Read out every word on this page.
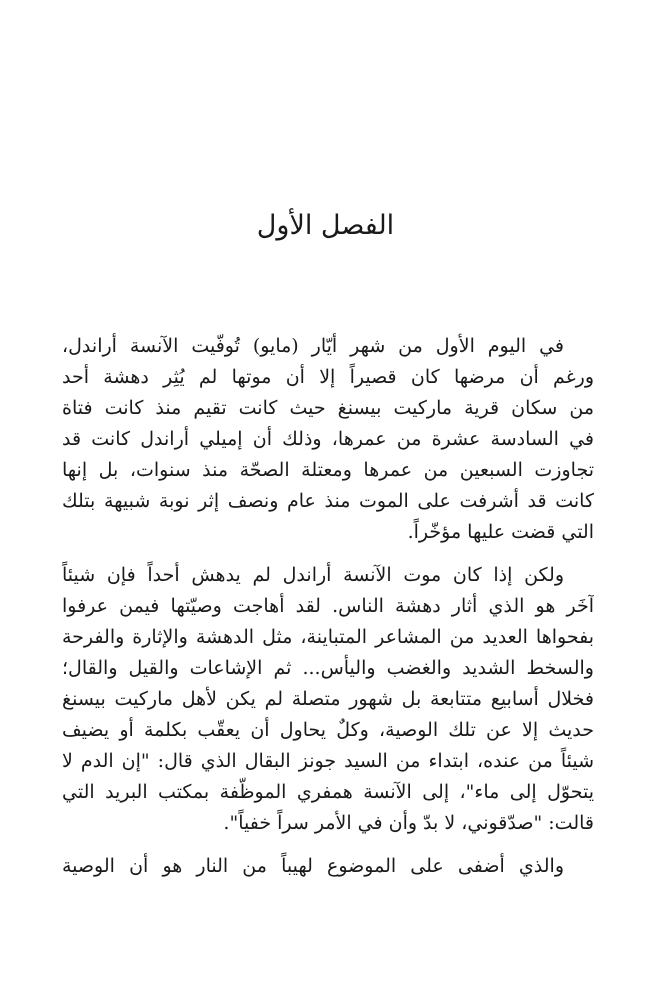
الفصل الأول

في اليوم الأول من شهر أيّار (مايو) تُوفّيت الآنسة أراندل،
ورغم أن مرضها كان قصيراً إلا أن موتها لم يُثِر دهشة أحد
من سكان قرية ماركيت بيسنغ حيث كانت تقيم منذ كانت فتاة
في السادسة عشرة من عمرها، وذلك أن إميلي أراندل كانت قد
تجاوزت السبعين من عمرها ومعتلة الصحّة منذ سنوات، بل إنها
كانت قد أشرفت على الموت منذ عام ونصف إثر نوبة شبيهة بتلك
التي قضت عليها مؤخّراً.

ولكن إذا كان موت الآنسة أراندل لم يدهش أحداً فإن شيئاً
آخَر هو الذي أثار دهشة الناس. لقد أهاجت وصيّتها فيمن عرفوا
بفحواها العديد من المشاعر المتباينة، مثل الدهشة والإثارة والفرحة
والسخط الشديد والغضب واليأس... ثم الإشاعات والقيل والقال؛
فخلال أسابيع متتابعة بل شهور متصلة لم يكن لأهل ماركيت بيسنغ
حديث إلا عن تلك الوصية، وكلٌ يحاول أن يعقّب بكلمة أو يضيف
شيئاً من عنده، ابتداء من السيد جونز البقال الذي قال: "إن الدم لا
يتحوّل إلى ماء"، إلى الآنسة همفري الموظّفة بمكتب البريد التي
قالت: "صدّقوني، لا بدّ وأن في الأمر سراً خفياً".

والذي أضفى على الموضوع لهيباً من النار هو أن الوصية
